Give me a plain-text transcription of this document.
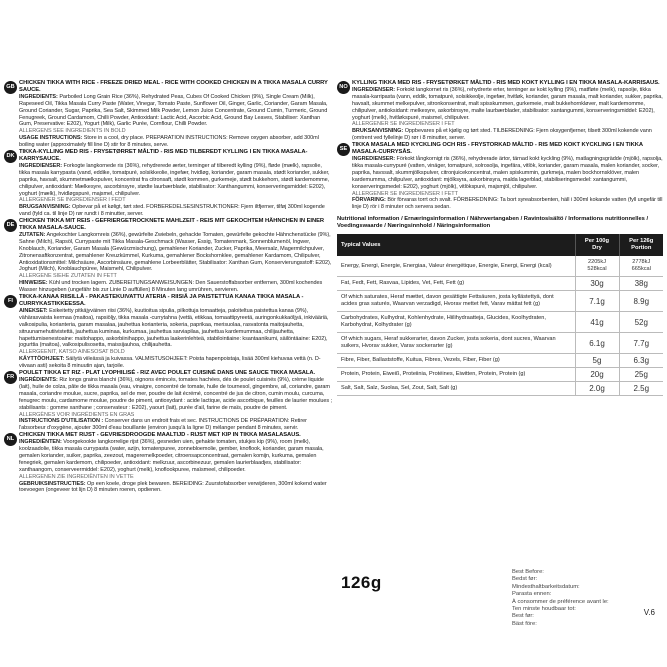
GB

CHICKEN TIKKA WITH RICE - FREEZE DRIED MEAL - RICE WITH COOKED CHICKEN IN A TIKKA MASALA CURRY SAUCE.
INGREDIENTS: Parboiled Long Grain Rice (36%), Rehydrated Peas, Cubes Of Cooked Chicken (9%), Single Cream (Milk), Rapeseed Oil, Tikka Masala Curry Paste (Water, Vinegar, Tomato Paste, Sunflower Oil, Ginger, Garlic, Coriander, Garam Masala, Ground Coriander, Sugar, Paprika, Sea Salt, Skimmed Milk Powder, Lemon Juice Concentrate, Ground Cumin, Turmeric, Ground Fenugreek, Ground Cardamom, Chilli Powder, Antioxidant: Lactic Acid, Ascorbic Acid, Ground Bay Leaves, Stabiliser: Xanthan Gum, Preservative: E202), Yogurt (Milk), Garlic Purée, Cornflour, Chilli Powder.
ALLERGENS SEE INGREDIENTS IN BOLD
USAGE INSTRUCTIONS: Store in a cool, dry place. PREPARATION INSTRUCTIONS: Remove oxygen absorber, add 300ml boiling water (approximately fill line D) stir for 8 minutes, serve.

DK

TIKKA-KYLLING MED RIS - FRYSETØRRET MÅLTID - RIS MED TILBEREDT KYLLING I EN TIKKA MASALA-KARRYSAUCE.
INGREDIENSER: Forkogte langkornede ris (36%), rehydrerede ærter, terninger af tilberedt kylling (9%), fløde (mælk), rapsolie, tikka masala karrypasta (vand, eddike, tomatpuré, solsikkeolie, ingefær, hvidløg, koriander, garam masala, stødt koriander, sukker, paprika, havsalt, skummetmælkspulver, koncentrat fra citronsaft, stødt kommen, gurkemeje, stødt bukkehorn, stødt kardemomme, chilipulver, antioxidant: Mælkesyre, ascorbinsyre, stødte laurbærblade, stabilisator: Xanthangummi, konserveringsmiddel: E202), yoghurt (mælk), hvidløgspuré, majsmel, chilipulver.
ALLERGENER SE INGREDIENSER I FEDT
BRUGSANVISNING: Opbevar på et køligt, tørt sted. FORBEREDELSESINSTRUKTIONER: Fjern iltfjerner, tilføj 300ml kogende vand (fyld ca. til linje D) rør rundt i 8 minutter, server.

DE

CHICKEN TIKKA MIT REIS - GEFRIERGETROCKNETE MAHLZEIT - REIS MIT GEKOCHTEM HÄHNCHEN IN EINER TIKKA MASALA-SAUCE.
ZUTATEN: Angekochter Langkornreis (36%), gewürfelte Zwiebeln, gehackte Tomaten, gewürfelte gekochte Hähnchenstücke (9%), Sahne (Milch), Rapsöl, Currypaste mit Tikka Masala-Geschmack (Wasser, Essig, Tomatenmark, Sonnenblumenöl, Ingwer, Knoblauch, Koriander, Garam Masala (Gewürzmischung), gemahlener Koriander, Zucker, Paprika, Meersalz, Magermilchpulver, Zitronensaftkonzentrat, gemahlener Kreuzkümmel, Kurkuma, gemahlener Bockshornklee, gemahlener Kardamom, Chilipulver, Antioxidationsmittel: Milchsäure, Ascorbinsäure, gemahlene Lorbeerblätter, Stabilisator: Xanthan Gum, Konservierungsstoff: E202), Joghurt (Milch), Knoblauchpüree, Maismehl, Chilipulver.
ALLERGENE SIEHE ZUTATEN IN FETT
HINWEISE: Kühl und trocken lagern. ZUBEREITUNGSANWEISUNGEN: Den Sauerstoffabsorber entfernen, 300ml kochendes Wasser hinzugeben (ungefähr bis zur Linie D auffüllen) 8 Minuten lang umrühren, servieren.

FI

TIKKA-KANAA RIISILLÄ - PAKASTEKUIVATTU ATERIA - RIISIÄ JA PAISTETTUA KANAA TIKKA MASALA -CURRYKASTIKKEESSA.
AINEKSET: Esikeitetty pitkäjyväinen riisi (36%), kuutioitua sipulia, pilkottuja tomaatteja, paloiteltua paistettua kanaa (9%), vähärasvaista kermaa (maitoa), rapsiöljy, tikka masala -currytahna (vettä, etikkaa, tomaattipyreetä, auringonkukkaöljyä, inkivääriä, valkosipulia, korianteria, garam masalaa, jauhettua korianteria, sokeria, paprikaa, merisuolaa, rasvatonta maitojauhetta, sitruunamehutiivistettä, jauhettua kuminaa, kurkumaa, jauhettua sarviapilaa, jauhettua kardemummaa, chilijauhetta, hapettumisenestoaine: maitohappo, askorbiinihappo, jauhettua laakerinlehteä, stabilointiaine: ksantaanikumi, säilöntäaine: E202), jogurttia (maitoa), valkosipulisosetta, maissijauhoa, chilijauhetta.
ALLERGEENIT, KATSO AINESOSAT BOLD
KÄYTTÖOHJEET: Säilytä viileässä ja kuivassa. VALMISTUSOHJEET: Poista hapenpoistaja, lisää 300ml kiehuvaa vettä (n. D-viivaan asti) sekoita 8 minuutin ajan, tarjoile.

FR

POULET TIKKA ET RIZ - PLAT LYOPHILISÉ - RIZ AVEC POULET CUISINÉ DANS UNE SAUCE TIKKA MASALA.
INGRÉDIENTS: Riz longs grains blanchi (36%), oignons émincés, tomates hachées, dés de poulet cuisinés (9%), crème liquide (lait), huile de colza, pâte de tikka masala (eau, vinaigre, concentré de tomate, huile de tournesol, gingembre, ail, coriandre, garam masala, coriandre moulue, sucre, paprika, sel de mer, poudre de lait écrémé, concentré de jus de citron, cumin moulu, curcuma, fenugrec moulu, cardamome moulue, poudre de piment, antioxydant : acide lactique, acide ascorbique, feuilles de laurier moulues ; stabilisants : gomme xanthane ; conservateur : E202), yaourt (lait), purée d'ail, farine de maïs, poudre de piment.
ALLERGÈNES VOIR INGRÉDIENTS EN GRAS
INSTRUCTIONS D'UTILISATION : Conserver dans un endroit frais et sec. INSTRUCTIONS DE PRÉPARATION: Retirer l'absorbeur d'oxygène, ajouter 300ml d'eau bouillante (environ jusqu'à la ligne D) mélanger pendant 8 minutes, servir.

NL

CHICKEN TIKKA MET RIJST - GEVRIESDROOGDE MAALTIJD - RIJST MET KIP IN TIKKA MASALASAUS.
INGREDIËNTEN: Voorgekookte langkorrelige rijst (36%), gesneden uien, gehakte tomaten, stukjes kip (9%), room (melk), koolzaadolie, tikka masala currypasta (water, azijn, tomatenpuree, zonnebloemolie, gember, knoflook, koriander, garam masala, gemalen koriander, suiker, paprika, zeezout, mageremelkpoeder, citroensapconcentraat, gemalen komijn, kurkuma, gemalen fenegriek, gemalen kardemom, chilipoeder, antioxidant: melkzuur, ascorbinezuur, gemalen laurierblaadjes, stabilisator: xanthaangom, conserveermiddel: E202), yoghurt (melk), knoflookpuree, maïsmeel, chilipoeder.
ALLERGENEN ZIE INGREDIËNTEN IN VETTE
GEBRUIKSINSTRUCTIES: Op een koele, droge plek bewaren. BEREIDING: Zuurstofabsorber verwijderen, 300ml kokend water toevoegen (ongeveer tot lijn D) 8 minuten roeren, opdienen.

NO

KYLLING TIKKA MED RIS - FRYSETØRKET MÅLTID - RIS MED KOKT KYLLING I EN TIKKA MASALA-KARRISAUS.
INGREDIENSER: Forkokt langkornet ris (36%), rehydrerte erter, terninger av kokt kylling (9%), matfløte (melk), rapsolje, tikka masala-karripasta (vann, eddik, tomatpuré, solsikkeolje, ingefær, hvitløk, koriander, garam masala, malt koriander, sukker, paprika, havsalt, skummet melkepulver, sitronkonsentrat, malt spisskummen, gurkemeie, malt bukkehornkløver, malt kardemomme, chilipulver, antioksidant: melkesyre, askorbinsyre, malte laurbærblader, stabilisator: xantangummi, konserveringsmiddel: E202), yoghurt (melk), hvitløkspuré, maismel, chilipulver.
ALLERGENER SE INGREDIENSER I FET
BRUKSANVISNING: Oppbevares på et kjølig og tørt sted. TILBEREDNING: Fjern oksygenfjerner, tilsett 300ml kokende vann (omtrent ved fyllelinje D) rør i 8 minutter, server.

SE

TIKKA MASALA MED KYCKLING OCH RIS - FRYSTORKAD MÅLTID - RIS MED KOKT KYCKLING I EN TIKKA MASALA-CURRYSÅS.
INGREDIENSER: Förkokt långkornigt ris (36%), rehydrerade ärtor, tärnad kokt kyckling (9%), matlagningsgrädde (mjölk), rapsolja, tikka masala-currypuré (vatten, vinäger, tomatpuré, solrosolja, ingefära, vitlök, koriander, garam masala, malen koriander, socker, paprika, havssalt, skummjölkspulver, citronjuicekoncentrat, malen spiskummin, gurkmeja, malen bockhornsklöver, malen kardemumma, chilipulver, antioxidant: mjölksyra, askorbinsyra, malda lagerblad, stabiliseringsmedel: xantangummi, konserveringsmedel: E202), yoghurt (mjölk), vitlökspuré, majsmjöl, chilipulver.
ALLERGENER SE INGREDIENSER I FETT
FÖRVARING: Bör förvaras torrt och svalt. FÖRBEREDNING: Ta bort syreabsorbenten, häll i 300ml kokande vatten (fyll ungefär till linje D) rör i 8 minuter och servera sedan.

Nutritional information / Ernæringsinformation / Nährwertangaben / Ravintosisältö / Informations nutritionnelles / Voedingswaarde / Næringsinnhold / Näringsinformation
Typical Values	Per 100g Dry	Per 126g Portion
Energy, Energi, Energie, Energiaa, Valeur énergétique, Energie, Energi, Energi (kcal)	2205kJ 528kcal	2778kJ 665kcal
Fat, Fedt, Fett, Rasvaa, Lipides, Vet, Fett, Fett (g)	30g	38g
Of which saturates, Heraf mættet, davon gesättigte Fettsäuren, josta kyllästettyä, dont acides gras saturés, Waarvan verzadigd, Hvorav mettet fett, Varav mättat fett (g)	7.1g	8.9g
Carbohydrates, Kulhydrat, Kohlenhydrate, Hiilihydraatteja, Glucides, Koolhydraten, Karbohydrat, Kolhydrater (g)	41g	52g
Of which sugars, Heraf sukkerarter, davon Zucker, josta sokeria, dont sucres, Waarvan suikers, Hvorav sukker, Varav sockerarter (g)	6.1g	7.7g
Fibre, Fiber, Ballaststoffe, Kuitua, Fibres, Vezels, Fiber, Fiber (g)	5g	6.3g
Protein, Protein, Eiweiß, Proteiinia, Protéines, Eiwitten, Protein, Protein (g)	20g	25g
Salt, Salt, Salz, Suolaa, Sel, Zout, Salt, Salt (g)	2.0g	2.5g
126g
Best Before:
Bedst før:
Mindesthaltbarkeitsdatum:
Parasta ennen:
À consommer de préférence avant le:
Ten minste houdbaar tot:
Best før:
Bäst före:
V.6
